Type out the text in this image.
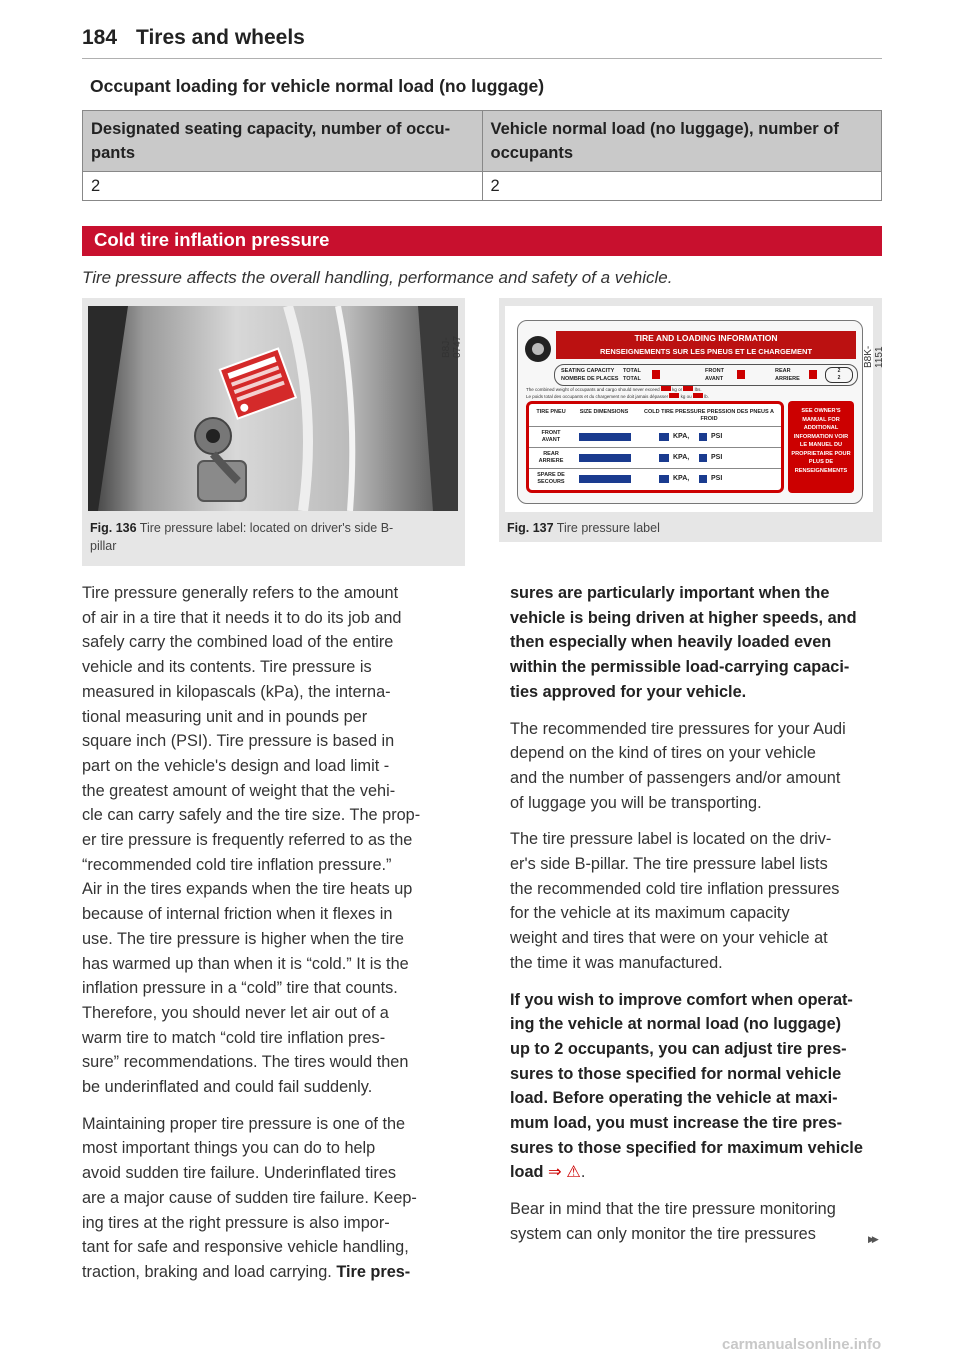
184 Tires and wheels
Occupant loading for vehicle normal load (no luggage)
Designated seating capacity, number of occu-
pants	Vehicle normal load (no luggage), number of
occupants
2	2
Cold tire inflation pressure
Tire pressure affects the overall handling, performance and safety of a vehicle.
B8J-0747
Fig. 136 Tire pressure label: located on driver's side B-
pillar
TIRE AND LOADING INFORMATION
RENSEIGNEMENTS SUR LES PNEUS ET LE CHARGEMENT
SEATING CAPACITY
NOMBRE DE PLACES
TOTAL
TOTAL
FRONT
AVANT
REAR
ARRIERE
2
2
The combined weight of occupants and cargo should never exceed	kg or	lbs.
Le poids total des occupants et du chargement ne doit jamais dépasser	kg ou	lb.
TIRE PNEU	SIZE DIMENSIONS	COLD TIRE PRESSURE PRESSION DES PNEUS A FROID
FRONT AVANT	KPA,	PSI
REAR ARRIERE	KPA,	PSI
SPARE DE SECOURS	KPA,	PSI
SEE OWNER'S MANUAL FOR ADDITIONAL INFORMATION VOIR LE MANUEL DU PROPRIETAIRE POUR PLUS DE RENSEIGNEMENTS
B8K-1151
Fig. 137 Tire pressure label

Tire pressure generally refers to the amount
of air in a tire that it needs it to do its job and
safely carry the combined load of the entire
vehicle and its contents. Tire pressure is
measured in kilopascals (kPa), the interna-
tional measuring unit and in pounds per
square inch (PSI). Tire pressure is based in
part on the vehicle's design and load limit -
the greatest amount of weight that the vehi-
cle can carry safely and the tire size. The prop-
er tire pressure is frequently referred to as the
“recommended cold tire inflation pressure.”
Air in the tires expands when the tire heats up
because of internal friction when it flexes in
use. The tire pressure is higher when the tire
has warmed up than when it is “cold.” It is the
inflation pressure in a “cold” tire that counts.
Therefore, you should never let air out of a
warm tire to match “cold tire inflation pres-
sure” recommendations. The tires would then
be underinflated and could fail suddenly.

Maintaining proper tire pressure is one of the
most important things you can do to help
avoid sudden tire failure. Underinflated tires
are a major cause of sudden tire failure. Keep-
ing tires at the right pressure is also impor-
tant for safe and responsive vehicle handling,
traction, braking and load carrying. Tire pres-

sures are particularly important when the
vehicle is being driven at higher speeds, and
then especially when heavily loaded even
within the permissible load-carrying capaci-
ties approved for your vehicle.

The recommended tire pressures for your Audi
depend on the kind of tires on your vehicle
and the number of passengers and/or amount
of luggage you will be transporting.

The tire pressure label is located on the driv-
er's side B-pillar. The tire pressure label lists
the recommended cold tire inflation pressures
for the vehicle at its maximum capacity
weight and tires that were on your vehicle at
the time it was manufactured.

If you wish to improve comfort when operat-
ing the vehicle at normal load (no luggage)
up to 2 occupants, you can adjust tire pres-
sures to those specified for normal vehicle
load. Before operating the vehicle at maxi-
mum load, you must increase the tire pres-
sures to those specified for maximum vehicle
load ⇒ ⚠.

Bear in mind that the tire pressure monitoring
system can only monitor the tire pressures	▶▶

carmanualsonline.info
